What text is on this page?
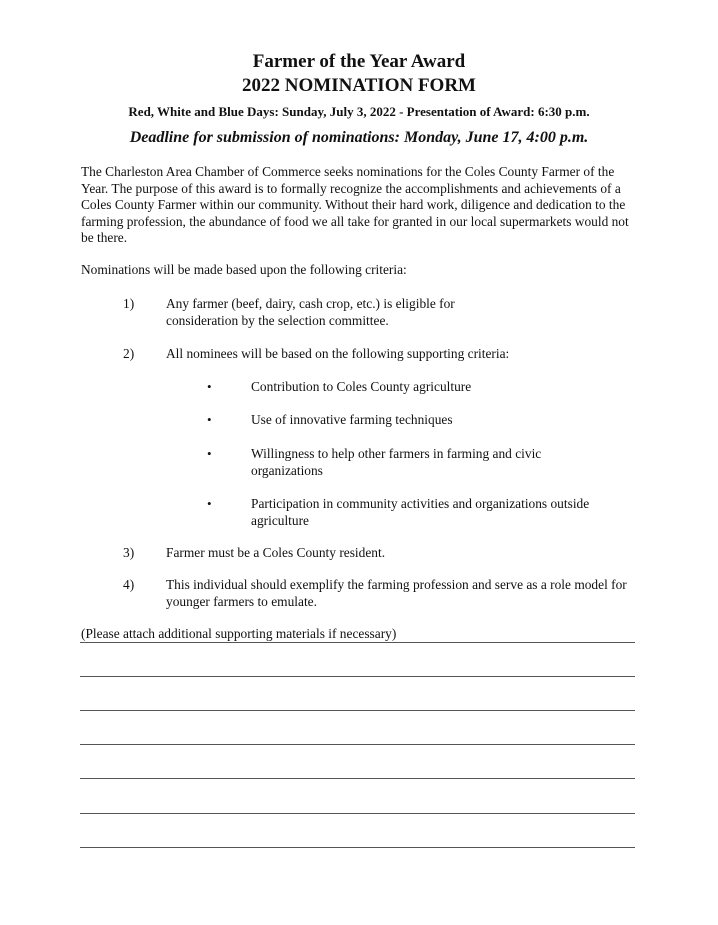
Farmer of the Year Award
2022 NOMINATION FORM
Red, White and Blue Days: Sunday, July 3, 2022 - Presentation of Award: 6:30 p.m.
Deadline for submission of nominations: Monday, June 17, 4:00 p.m.

The Charleston Area Chamber of Commerce seeks nominations for the Coles County Farmer of the Year. The purpose of this award is to formally recognize the accomplishments and achievements of a Coles County Farmer within our community. Without their hard work, diligence and dedication to the farming profession, the abundance of food we all take for granted in our local supermarkets would not be there.

Nominations will be made based upon the following criteria:
1) Any farmer (beef, dairy, cash crop, etc.) is eligible for consideration by the selection committee.
2) All nominees will be based on the following supporting criteria:
•	Contribution to Coles County agriculture
•	Use of innovative farming techniques
•	Willingness to help other farmers in farming and civic organizations
•	Participation in community activities and organizations outside agriculture
3) Farmer must be a Coles County resident.
4) This individual should exemplify the farming profession and serve as a role model for younger farmers to emulate.
(Please attach additional supporting materials if necessary)
